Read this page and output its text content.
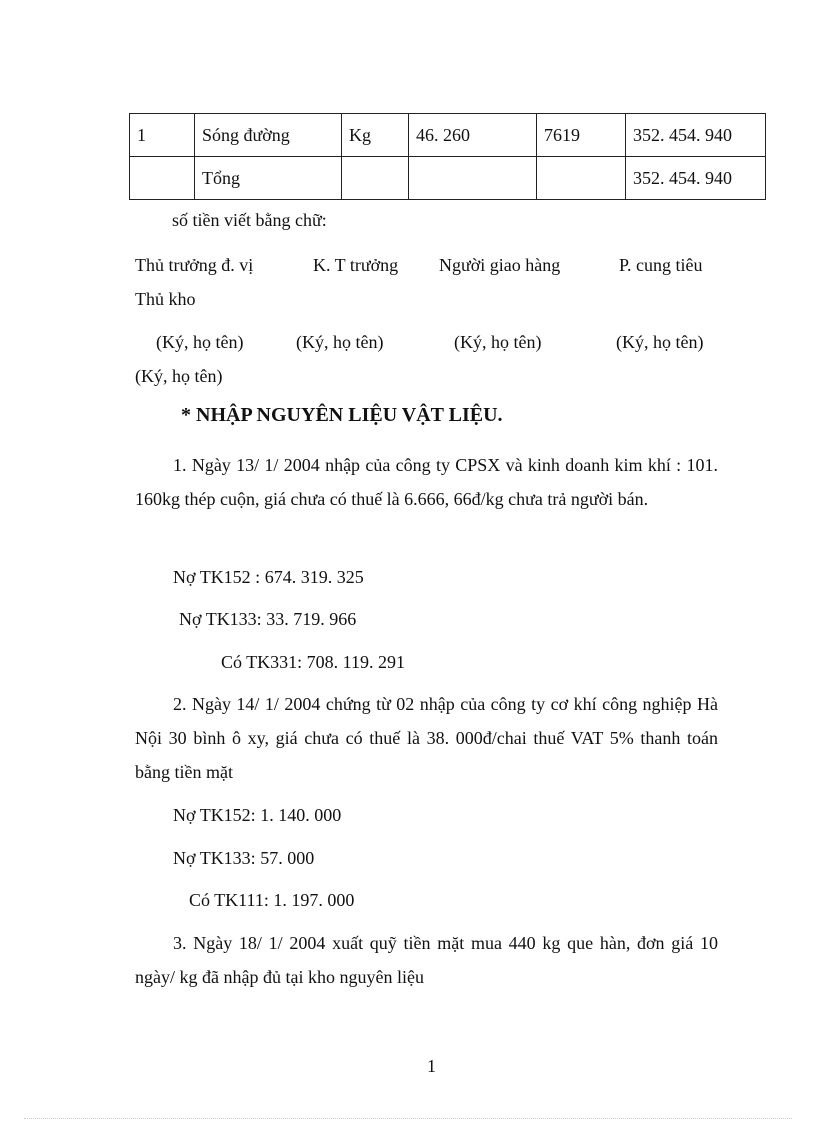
1	Sóng đường	Kg	46. 260	7619	352. 454. 940
	Tổng				352. 454. 940
số tiền viết bằng chữ:
Thủ trưởng đ. vị	K. T trưởng Người giao hàng	P. cung tiêu
Thủ kho
(Ký, họ tên)	(Ký, họ tên)	(Ký, họ tên)	(Ký, họ tên)
(Ký, họ tên)
* NHẬP NGUYÊN LIỆU VẬT LIỆU.
1. Ngày 13/ 1/ 2004 nhập của công ty CPSX và kinh doanh kim khí : 101. 160kg thép cuộn, giá chưa có thuế là 6.666, 66đ/kg chưa trả người bán.
Nợ TK152 : 674. 319. 325
Nợ TK133: 33. 719. 966
Có TK331: 708. 119. 291
2. Ngày 14/ 1/ 2004 chứng từ 02 nhập của công ty cơ khí công nghiệp Hà Nội 30 bình ô xy, giá chưa có thuế là 38. 000đ/chai thuế VAT 5% thanh toán bằng tiền mặt
Nợ TK152: 1. 140. 000
Nợ TK133: 57. 000
Có TK111: 1. 197. 000
3. Ngày 18/ 1/ 2004 xuất quỹ tiền mặt mua 440 kg que hàn, đơn giá 10 ngày/ kg đã nhập đủ tại kho nguyên liệu
1
